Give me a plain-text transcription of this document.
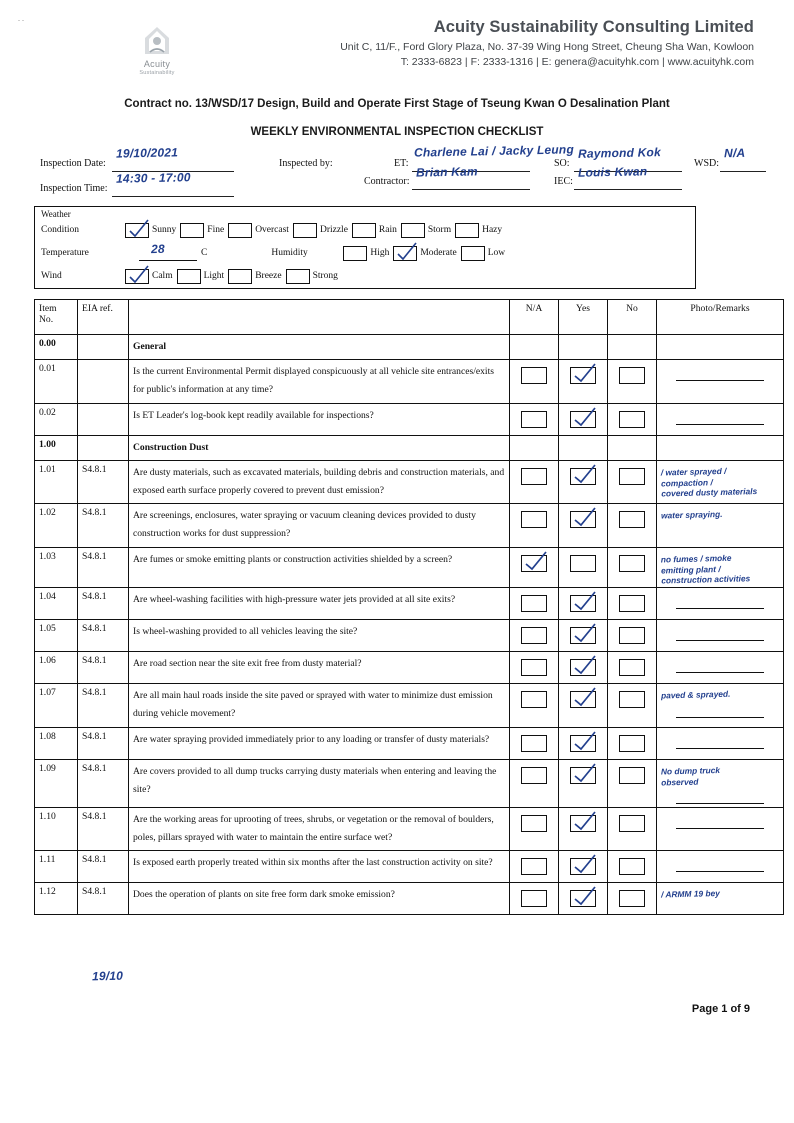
. .
Acuity
Sustainability
Acuity Sustainability Consulting Limited
Unit C, 11/F., Ford Glory Plaza, No. 37-39 Wing Hong Street, Cheung Sha Wan, Kowloon
T: 2333-6823 | F: 2333-1316 | E: genera@acuityhk.com | www.acuityhk.com
Contract no. 13/WSD/17 Design, Build and Operate First Stage of Tseung Kwan O Desalination Plant
WEEKLY ENVIRONMENTAL INSPECTION CHECKLIST
Inspection Date:
19/10/2021
Inspection Time:
14:30 - 17:00
Inspected by:	ET:
Charlene Lai / Jacky Leung
SO:
Raymond Kok
WSD:
N/A
Contractor:
Brian Kam
IEC:
Louis Kwan
Weather
Condition	Sunny	Fine	Overcast	Drizzle	Rain	Storm	Hazy
Temperature	28	C	Humidity	High	Moderate	Low
Wind	Calm	Light	Breeze	Strong
Item
No.	EIA ref.		N/A	Yes	No	Photo/Remarks
0.00		General				
0.01		Is the current Environmental Permit displayed conspicuously at all vehicle site entrances/exits for public's information at any time?	

0.02		Is ET Leader's log-book kept readily available for inspections?	

1.00		Construction Dust				
1.01	S4.8.1	Are dusty materials, such as excavated materials, building debris and construction materials, and exposed earth surface properly covered to prevent dust emission?				/ water sprayed /
compaction /
covered dusty materials

1.02	S4.8.1	Are screenings, enclosures, water spraying or vacuum cleaning devices provided to dusty construction works for dust suppression?				water spraying.

1.03	S4.8.1	Are fumes or smoke emitting plants or construction activities shielded by a screen?				no fumes / smoke
emitting plant /
construction activities

1.04	S4.8.1	Are wheel-washing facilities with high-pressure water jets provided at all site exits?	

1.05	S4.8.1	Is wheel-washing provided to all vehicles leaving the site?	

1.06	S4.8.1	Are road section near the site exit free from dusty material?	

1.07	S4.8.1	Are all main haul roads inside the site paved or sprayed with water to minimize dust emission during vehicle movement?				paved & sprayed.

1.08	S4.8.1	Are water spraying provided immediately prior to any loading or transfer of dusty materials?	

1.09	S4.8.1	Are covers provided to all dump trucks carrying dusty materials when entering and leaving the site?				No dump truck
observed

1.10	S4.8.1	Are the working areas for uprooting of trees, shrubs, or vegetation or the removal of boulders, poles, pillars sprayed with water to maintain the entire surface wet?	

1.11	S4.8.1	Is exposed earth properly treated within six months after the last construction activity on site?	

1.12	S4.8.1	Does the operation of plants on site free form dark smoke emission?				/ ARMM 19 bey
19/10
Page 1 of 9
